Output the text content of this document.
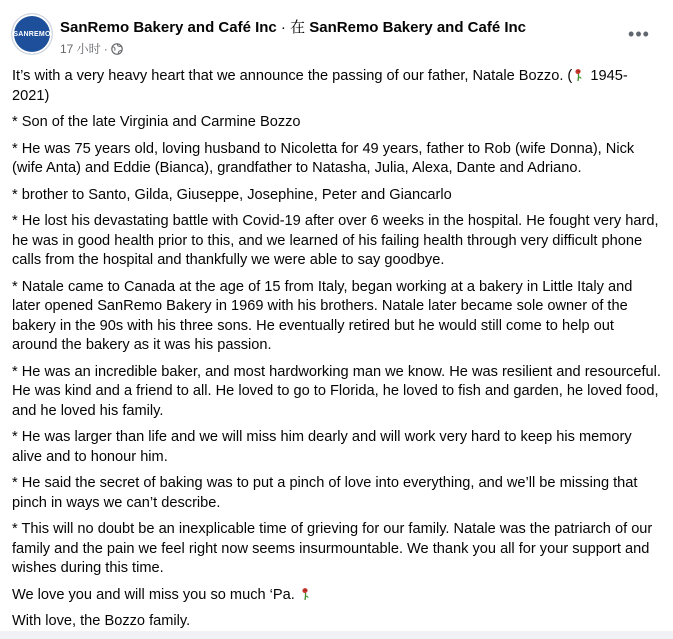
SANREMO SanRemo Bakery and Café Inc · 在 SanRemo Bakery and Café Inc
17 小时 ·
•••

It’s with a very heavy heart that we announce the passing of our father, Natale Bozzo. ( 1945-2021)

* Son of the late Virginia and Carmine Bozzo

* He was 75 years old, loving husband to Nicoletta for 49 years, father to Rob (wife Donna), Nick (wife Anta) and Eddie (Bianca), grandfather to Natasha, Julia, Alexa, Dante and Adriano.

* brother to Santo, Gilda, Giuseppe, Josephine, Peter and Giancarlo

* He lost his devastating battle with Covid-19 after over 6 weeks in the hospital. He fought very hard, he was in good health prior to this, and we learned of his failing health through very difficult phone calls from the hospital and thankfully we were able to say goodbye.

* Natale came to Canada at the age of 15 from Italy, began working at a bakery in Little Italy and later opened SanRemo Bakery in 1969 with his brothers. Natale later became sole owner of the bakery in the 90s with his three sons. He eventually retired but he would still come to help out around the bakery as it was his passion.

* He was an incredible baker, and most hardworking man we know. He was resilient and resourceful. He was kind and a friend to all. He loved to go to Florida, he loved to fish and garden, he loved food, and he loved his family.

* He was larger than life and we will miss him dearly and will work very hard to keep his memory alive and to honour him.

* He said the secret of baking was to put a pinch of love into everything, and we’ll be missing that pinch in ways we can’t describe.

* This will no doubt be an inexplicable time of grieving for our family. Natale was the patriarch of our family and the pain we feel right now seems insurmountable. We thank you all for your support and wishes during this time.

We love you and will miss you so much ‘Pa.

With love, the Bozzo family.
